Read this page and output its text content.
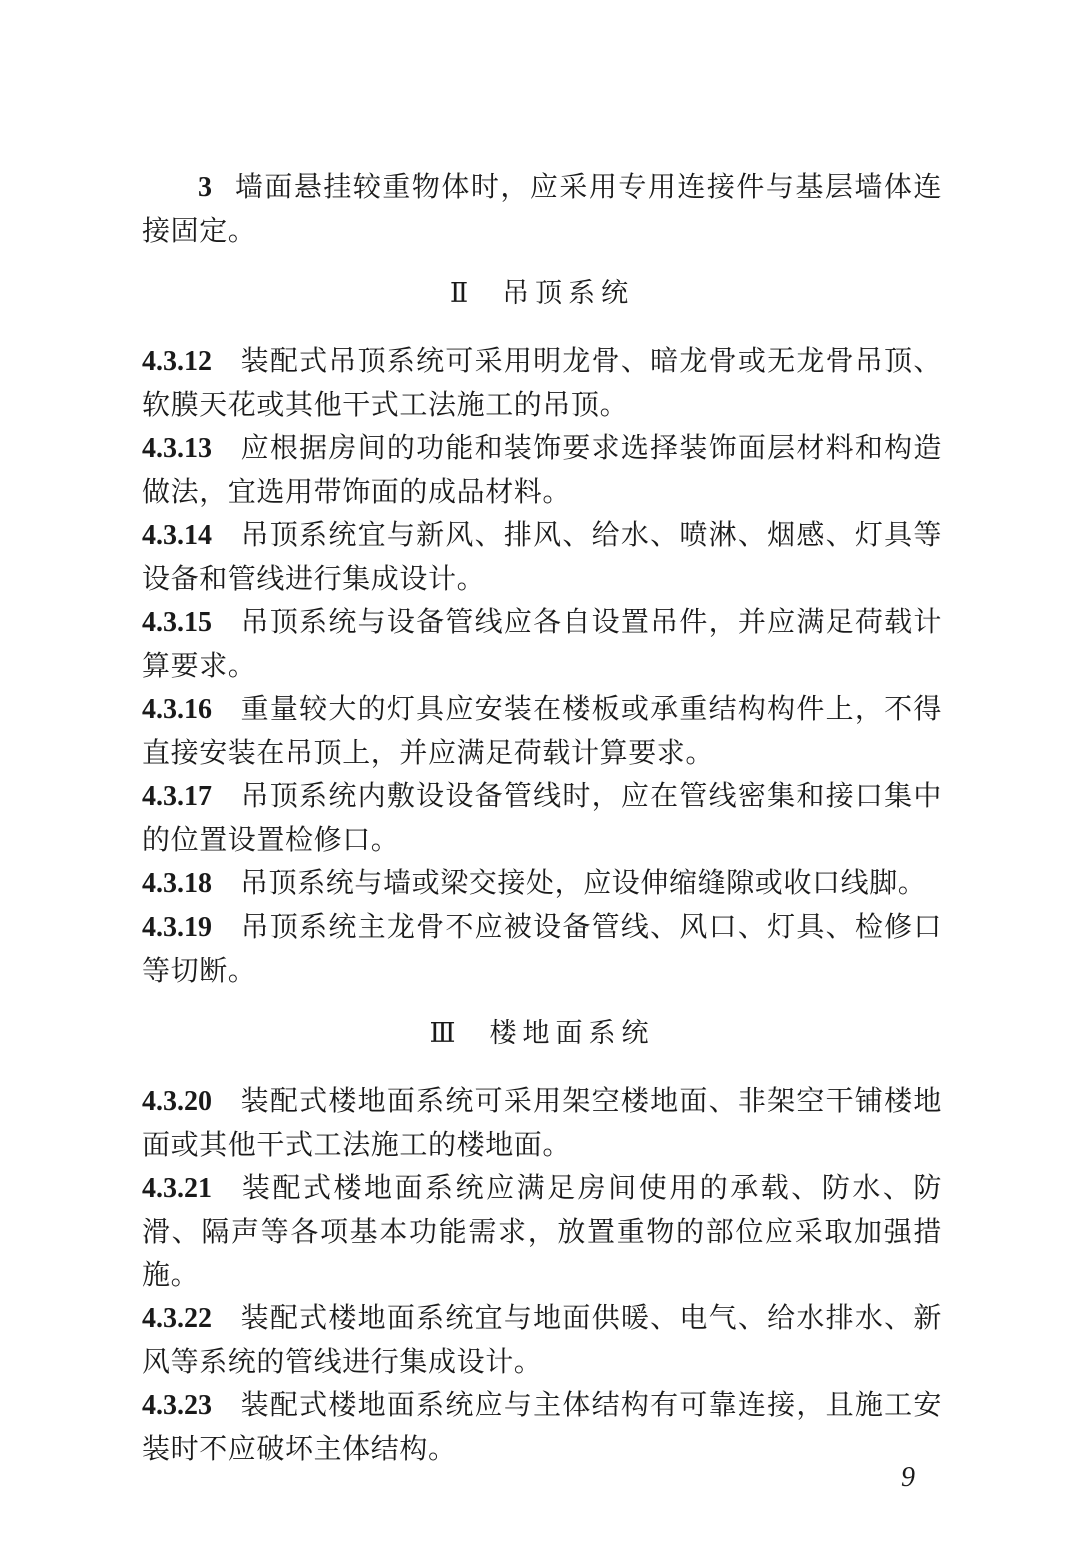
3 墙面悬挂较重物体时，应采用专用连接件与基层墙体连接固定。

Ⅱ 吊顶系统

4.3.12 装配式吊顶系统可采用明龙骨、暗龙骨或无龙骨吊顶、软膜天花或其他干式工法施工的吊顶。

4.3.13 应根据房间的功能和装饰要求选择装饰面层材料和构造做法，宜选用带饰面的成品材料。

4.3.14 吊顶系统宜与新风、排风、给水、喷淋、烟感、灯具等设备和管线进行集成设计。

4.3.15 吊顶系统与设备管线应各自设置吊件，并应满足荷载计算要求。

4.3.16 重量较大的灯具应安装在楼板或承重结构构件上，不得直接安装在吊顶上，并应满足荷载计算要求。

4.3.17 吊顶系统内敷设设备管线时，应在管线密集和接口集中的位置设置检修口。

4.3.18 吊顶系统与墙或梁交接处，应设伸缩缝隙或收口线脚。

4.3.19 吊顶系统主龙骨不应被设备管线、风口、灯具、检修口等切断。

Ⅲ 楼地面系统

4.3.20 装配式楼地面系统可采用架空楼地面、非架空干铺楼地面或其他干式工法施工的楼地面。

4.3.21 装配式楼地面系统应满足房间使用的承载、防水、防滑、隔声等各项基本功能需求，放置重物的部位应采取加强措施。

4.3.22 装配式楼地面系统宜与地面供暖、电气、给水排水、新风等系统的管线进行集成设计。

4.3.23 装配式楼地面系统应与主体结构有可靠连接，且施工安装时不应破坏主体结构。

9
